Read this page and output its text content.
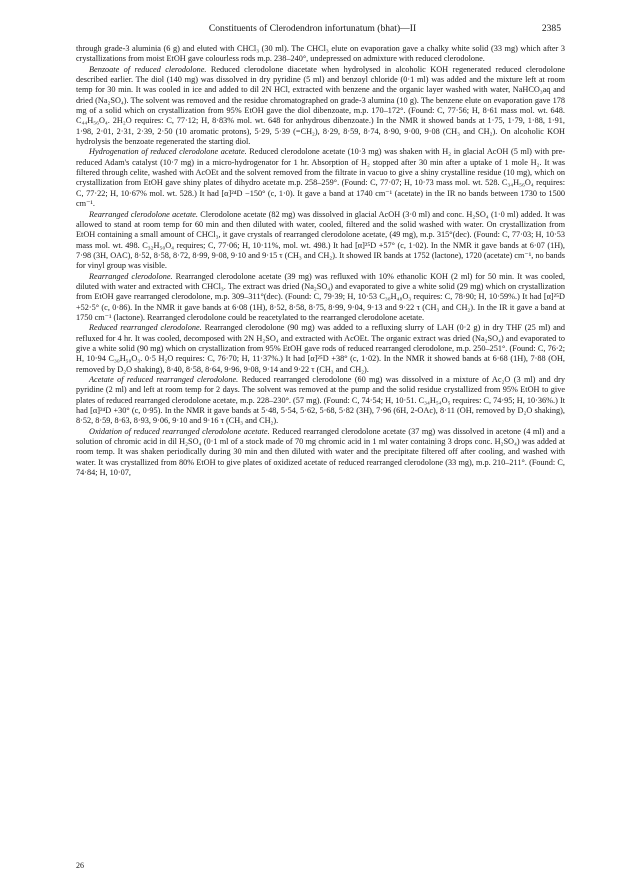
Constituents of Clerodendron infortunatum (bhat)—II	2385

through grade-3 aluminia (6 g) and eluted with CHCl₃ (30 ml). The CHCl₃ elute on evaporation gave a chalky white solid (33 mg) which after 3 crystallizations from moist EtOH gave colourless rods m.p. 238–240°, undepressed on admixture with reduced clerodolone.

Benzoate of reduced clerodolone. Reduced clerodolone diacetate when hydrolysed in alcoholic KOH regenerated reduced clerodolone described earlier. The diol (140 mg) was dissolved in dry pyridine (5 ml) and benzoyl chloride (0·1 ml) was added and the mixture left at room temp for 30 min. It was cooled in ice and added to dil 2N HCl, extracted with benzene and the organic layer washed with water, NaHCO₃aq and dried (Na₂SO₄). The solvent was removed and the residue chromatographed on grade-3 alumina (10 g). The benzene elute on evaporation gave 178 mg of a solid which on crystallization from 95% EtOH gave the diol dibenzoate, m.p. 170–172°. (Found: C, 77·56; H, 8·61 mass mol. wt. 648. C₄₄H₅₆O₄. 2H₂O requires: C, 77·12; H, 8·83% mol. wt. 648 for anhydrous dibenzoate.) In the NMR it showed bands at 1·75, 1·79, 1·88, 1·91, 1·98, 2·01, 2·31, 2·39, 2·50 (10 aromatic protons), 5·29, 5·39 (=CH₂), 8·29, 8·59, 8·74, 8·90, 9·00, 9·08 (CH₃ and CH₂). On alcoholic KOH hydrolysis the benzoate regenerated the starting diol.

Hydrogenation of reduced clerodolone acetate. Reduced clerodolone acetate (10·3 mg) was shaken with H₂ in glacial AcOH (5 ml) with pre-reduced Adam's catalyst (10·7 mg) in a micro-hydrogenator for 1 hr. Absorption of H₂ stopped after 30 min after a uptake of 1 mole H₂. It was filtered through celite, washed with AcOEt and the solvent removed from the filtrate in vacuo to give a shiny crystalline residue (10 mg), which on crystallization from EtOH gave shiny plates of dihydro acetate m.p. 258–259°. (Found: C, 77·07; H, 10·73 mass mol. wt. 528. C₃₄H₅₆O₄ requires: C, 77·22; H, 10·67% mol. wt. 528.) It had [α]²⁴D −150° (c, 1·0). It gave a band at 1740 cm⁻¹ (acetate) in the IR no bands between 1730 to 1500 cm⁻¹.

Rearranged clerodolone acetate. Clerodolone acetate (82 mg) was dissolved in glacial AcOH (3·0 ml) and conc. H₂SO₄ (1·0 ml) added. It was allowed to stand at room temp for 60 min and then diluted with water, cooled, filtered and the solid washed with water. On crystallization from EtOH containing a small amount of CHCl₃, it gave crystals of rearranged clerodolone acetate, (49 mg), m.p. 315°(dec). (Found: C, 77·03; H, 10·53 mass mol. wt. 498. C₃₂H₅₀O₄ requires; C, 77·06; H, 10·11%, mol. wt. 498.) It had [α]²⁵D +57° (c, 1·02). In the NMR it gave bands at 6·07 (1H), 7·98 (3H, OAC), 8·52, 8·58, 8·72, 8·99, 9·08, 9·10 and 9·15 τ (CH₃ and CH₂). It showed IR bands at 1752 (lactone), 1720 (acetate) cm⁻¹, no bands for vinyl group was visible.

Rearranged clerodolone. Rearranged clerodolone acetate (39 mg) was refluxed with 10% ethanolic KOH (2 ml) for 50 min. It was cooled, diluted with water and extracted with CHCl₃. The extract was dried (Na₂SO₄) and evaporated to give a white solid (29 mg) which on crystallization from EtOH gave rearranged clerodolone, m.p. 309–311°(dec). (Found: C, 79·39; H, 10·53 C₃₀H₄₈O₃ requires: C, 78·90; H, 10·59%.) It had [α]²⁵D +52·5° (c, 0·86). In the NMR it gave bands at 6·08 (1H), 8·52, 8·58, 8·75, 8·99, 9·04, 9·13 and 9·22 τ (CH₃ and CH₂). In the IR it gave a band at 1750 cm⁻¹ (lactone). Rearranged clerodolone could be reacetylated to the rearranged clerodolone acetate.

Reduced rearranged clerodolone. Rearranged clerodolone (90 mg) was added to a refluxing slurry of LAH (0·2 g) in dry THF (25 ml) and refluxed for 4 hr. It was cooled, decomposed with 2N H₂SO₄ and extracted with AcOEt. The organic extract was dried (Na₂SO₄) and evaporated to give a white solid (90 mg) which on crystallization from 95% EtOH gave rods of reduced rearranged clerodolone, m.p. 250–251°. (Found: C, 76·2; H, 10·94 C₃₀H₅₀O₃. 0·5 H₂O requires: C, 76·70; H, 11·37%.) It had [α]²⁵D +38° (c, 1·02). In the NMR it showed bands at 6·68 (1H), 7·88 (OH, removed by D₂O shaking), 8·40, 8·58, 8·64, 9·96, 9·08, 9·14 and 9·22 τ (CH₃ and CH₂).

Acetate of reduced rearranged clerodolone. Reduced rearranged clerodolone (60 mg) was dissolved in a mixture of Ac₂O (3 ml) and dry pyridine (2 ml) and left at room temp for 2 days. The solvent was removed at the pump and the solid residue crystallized from 95% EtOH to give plates of reduced rearranged clerodolone acetate, m.p. 228–230°. (57 mg). (Found: C, 74·54; H, 10·51. C₃₄H₅₄O₅ requires: C, 74·95; H, 10·36%.) It had [α]²⁴D +30° (c, 0·95). In the NMR it gave bands at 5·48, 5·54, 5·62, 5·68, 5·82 (3H), 7·96 (6H, 2-OAc), 8·11 (OH, removed by D₂O shaking), 8·52, 8·59, 8·63, 8·93, 9·06, 9·10 and 9·16 τ (CH₃ and CH₂).

Oxidation of reduced rearranged clerodolone acetate. Reduced rearranged clerodolone acetate (37 mg) was dissolved in acetone (4 ml) and a solution of chromic acid in dil H₂SO₄ (0·1 ml of a stock made of 70 mg chromic acid in 1 ml water containing 3 drops conc. H₂SO₄) was added at room temp. It was shaken periodically during 30 min and then diluted with water and the precipitate filtered off after cooling, and washed with water. It was crystallized from 80% EtOH to give plates of oxidized acetate of reduced rearranged clerodolone (33 mg), m.p. 210–211°. (Found: C, 74·84; H, 10·07,

26
